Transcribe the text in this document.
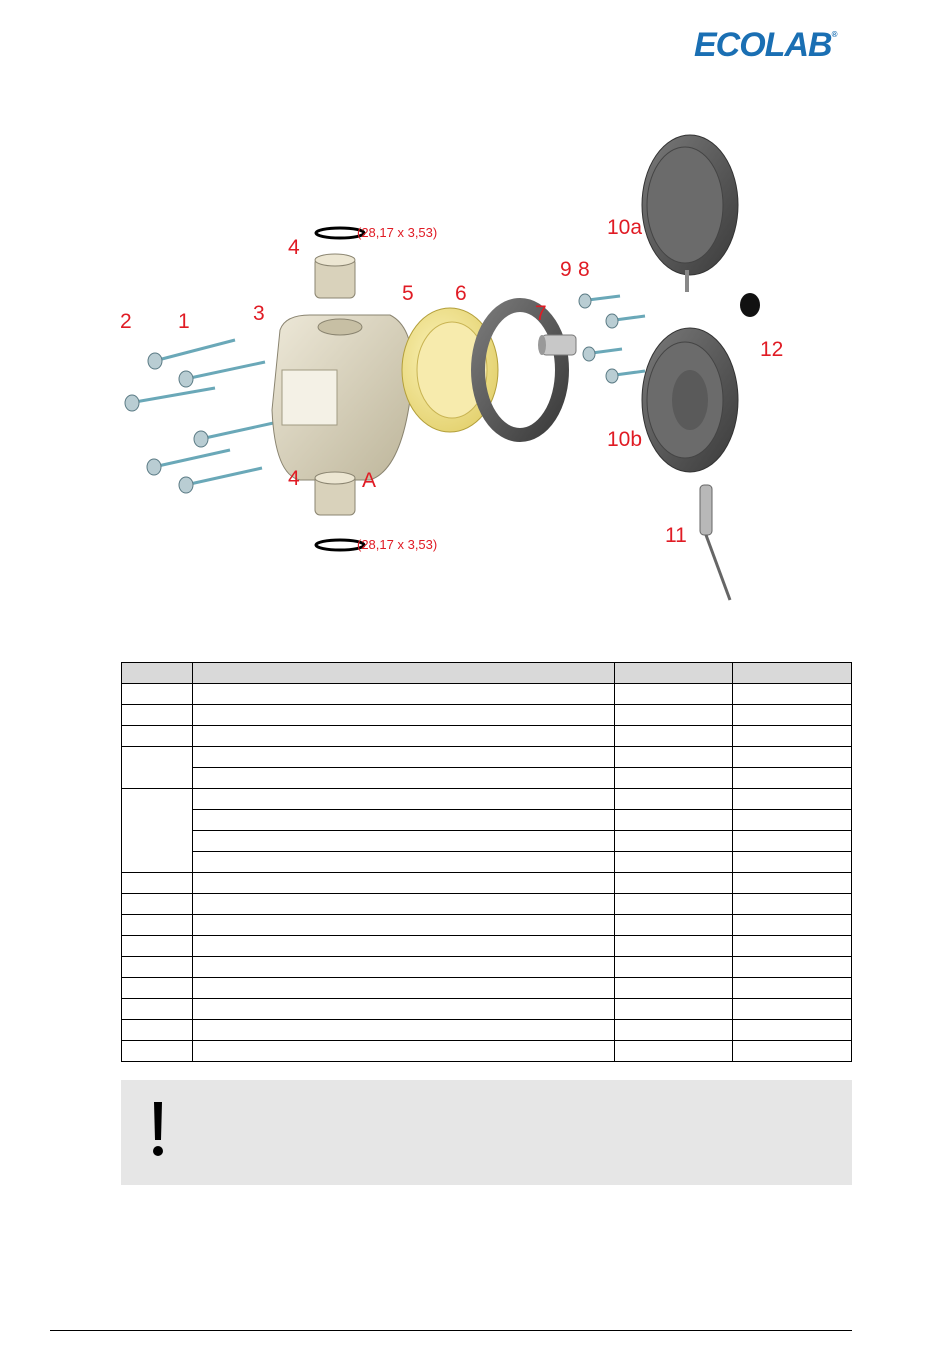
ECOLAB®
2 1	3
4
5 6
7
9 8
10a
12
10b
A
4
11
(28,17 x 3,53)
(28,17 x 3,53)
